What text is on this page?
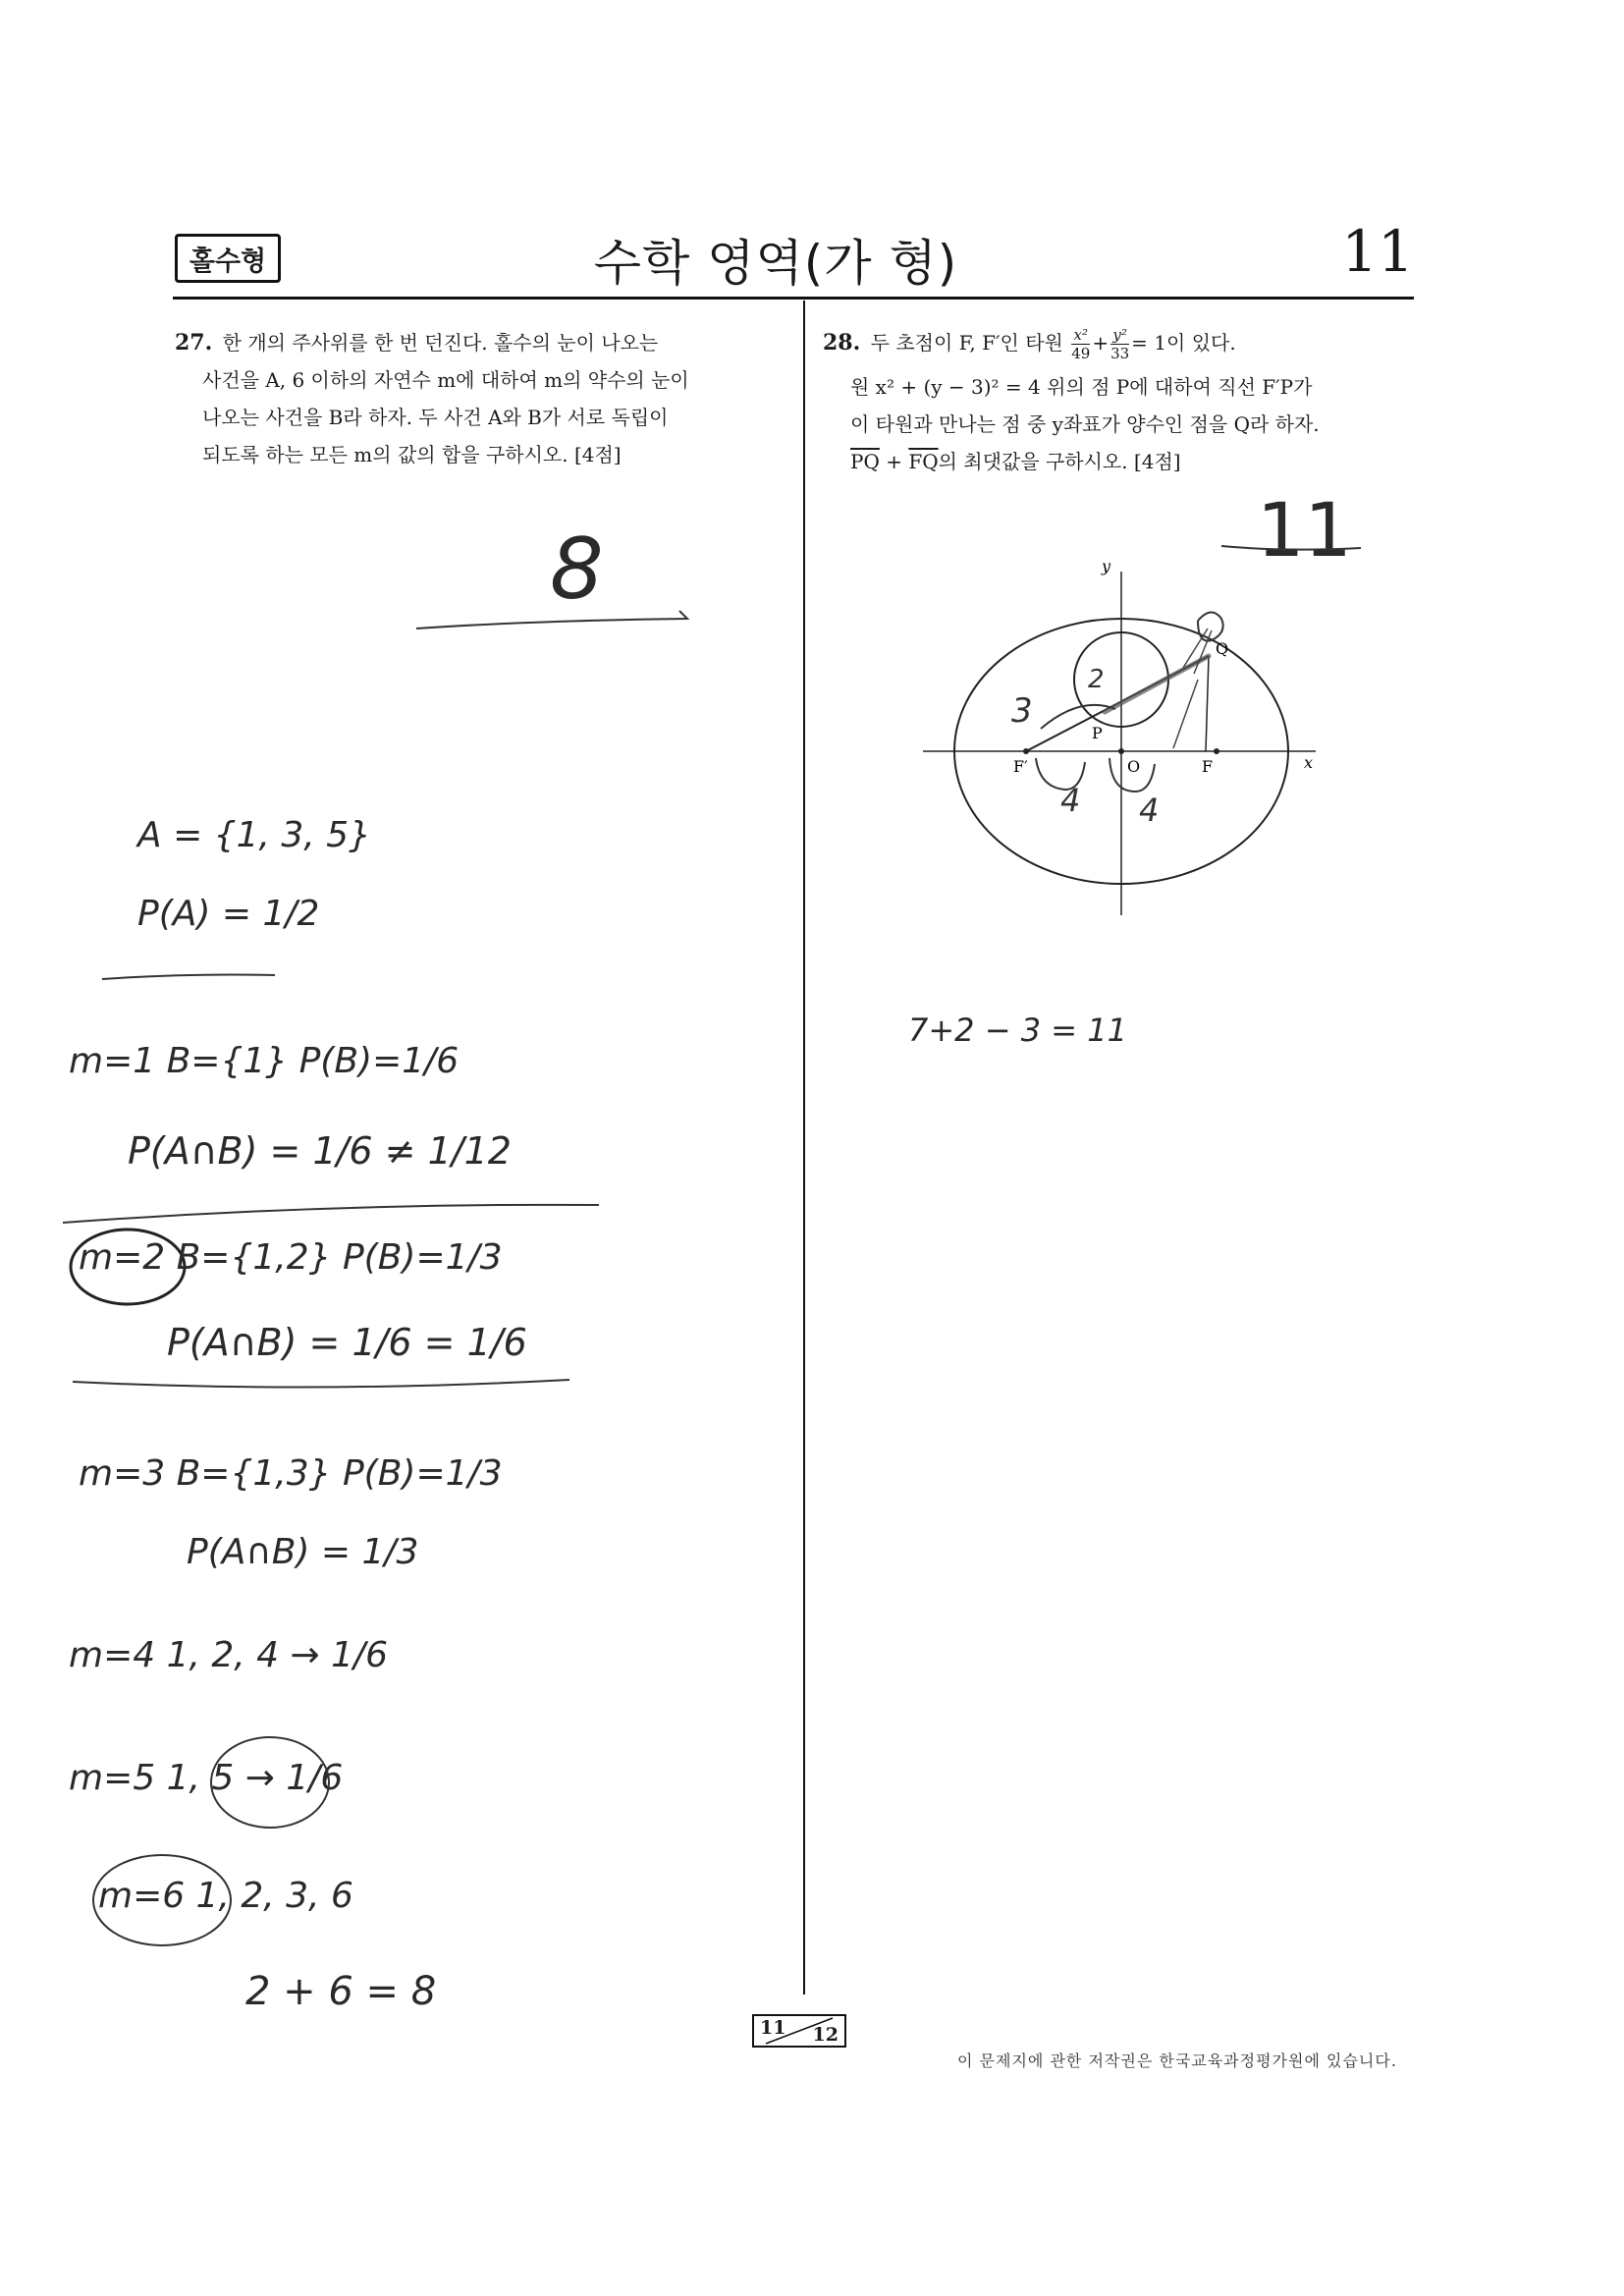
홀수형	수학 영역(가 형)	11

27. 한 개의 주사위를 한 번 던진다. 홀수의 눈이 나오는

사건을 A, 6 이하의 자연수 m에 대하여 m의 약수의 눈이

나오는 사건을 B라 하자. 두 사건 A와 B가 서로 독립이

되도록 하는 모든 m의 값의 합을 구하시오. [4점]

28. 두 초점이 F, F′인 타원 $\frac{\text{x²}}{49} + \frac{\text{y²}}{33} = 1$이 있다.

원 x² + (y − 3)² = 4 위의 점 P에 대하여 직선 F′P가

이 타원과 만나는 점 중 y좌표가 양수인 점을 Q라 하자.

$\overline{PQ} + \overline{FQ}$의 최댓값을 구하시오. [4점]

y
x
Q
P
F′	O	F
3
2
4 4
8	11
7+2 − 3 = 11
A = {1, 3, 5}
P(A) = 1/2
m=1 B={1} P(B)=1/6
P(A∩B) = 1/6 ≠ 1/12
m=2 B={1,2} P(B)=1/3
P(A∩B) = 1/6 = 1/6
m=3 B={1,3} P(B)=1/3
P(A∩B) = 1/3
m=4 1, 2, 4 → 1/6
m=5 1, 5 → 1/6
m=6 1, 2, 3, 6
2 + 6 = 8
11 12
이 문제지에 관한 저작권은 한국교육과정평가원에 있습니다.
